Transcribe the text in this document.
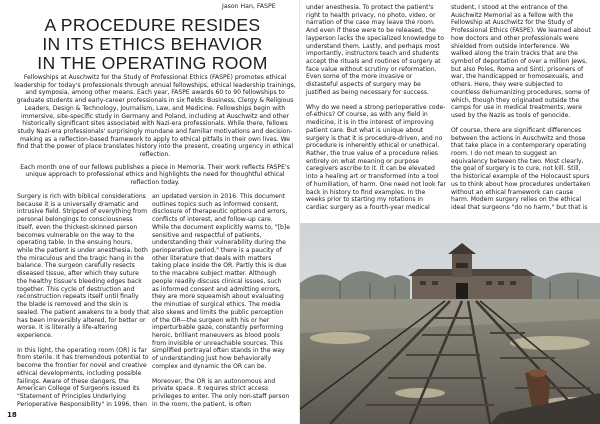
Jason Han, FASPE
A PROCEDURE RESIDES
IN ITS ETHICS BEHAVIOR
IN THE OPERATING ROOM

Fellowships at Auschwitz for the Study of Professional Ethics (FASPE) promotes ethical leadership for today's professionals through annual fellowships, ethical leadership trainings, and symposia, among other means. Each year, FASPE awards 60 to 90 fellowships to graduate students and early-career professionals in six fields: Business, Clergy & Religious Leaders, Design & Technology, Journalism, Law, and Medicine. Fellowships begin with immersive, site-specific study in Germany and Poland, including at Auschwitz and other historically significant sites associated with Nazi-era professionals. While there, fellows study Nazi-era professionals' surprisingly mundane and familiar motivations and decision-making as a reflection-based framework to apply to ethical pitfalls in their own lives. We find that the power of place translates history into the present, creating urgency in ethical reflection.

Each month one of our fellows publishes a piece in Memoria. Their work reflects FASPE's unique approach to professional ethics and highlights the need for thoughtful ethical reflection today.

Surgery is rich with biblical considerations because it is a universally dramatic and intrusive field. Stripped of everything from personal belongings to consciousness itself, even the thickest-skinned person becomes vulnerable on the way to the operating table. In the ensuing hours, while the patient is under anesthesia, both the miraculous and the tragic hang in the balance. The surgeon carefully resects diseased tissue, after which they suture the healthy tissue's bleeding edges back together. This cycle of destruction and reconstruction repeats itself until finally the blade is removed and the skin is sealed. The patient awakens to a body that has been irreversibly altered, for better or worse. It is literally a life-altering experience.

In this light, the operating room (OR) is far from sterile. It has tremendous potential to become the frontier for novel and creative ethical developments, including possible failings. Aware of these dangers, the American College of Surgeons issued its "Statement of Principles Underlying Perioperative Responsibility" in 1996, then

an updated version in 2016. This document outlines topics such as informed consent, disclosure of therapeutic options and errors, conflicts of interest, and follow-up care. While the document explicitly warns to, "[b]e sensitive and respectful of patients, understanding their vulnerability during the perioperative period," there is a paucity of other literature that deals with matters taking place inside the OR. Partly this is due to the macabre subject matter. Although people readily discuss clinical issues, such as informed consent and admitting errors, they are more squeamish about evaluating the minutiae of surgical ethics. The media also skews and limits the public perception of the OR—the surgeon with his or her imperturbable gaze, constantly performing heroic, brilliant maneuvers as blood pools from invisible or unreachable sources. This simplified portrayal often stands in the way of understanding just how behaviorally complex and dynamic the OR can be.

Moreover, the OR is an autonomous and private space. It requires strict access privileges to enter. The only non-staff person in the room, the patient, is often

under anesthesia. To protect the patient's right to health privacy, no photo, video, or narration of the case may leave the room. And even if these were to be released, the layperson lacks the specialized knowledge to understand them. Lastly, and perhaps most importantly, instructors teach and students accept the rituals and routines of surgery at face value without scrutiny or reformation. Even some of the more invasive or distasteful aspects of surgery may be justified as being necessary for success.

Why do we need a strong perioperative code-of-ethics? Of course, as with any field in medicine, it is in the interest of improving patient care. But what is unique about surgery is that it is procedure-driven, and no procedure is inherently ethical or unethical. Rather, the true value of a procedure relies entirely on what meaning or purpose caregivers ascribe to it. It can be elevated into a healing art or transformed into a tool of humiliation, of harm. One need not look far back in history to find examples. In the weeks prior to starting my rotations in cardiac surgery as a fourth-year medical

student, I stood at the entrance of the Auschwitz Memorial as a fellow with the Fellowship at Auschwitz for the Study of Professional Ethics (FASPE). We learned about how doctors and other professionals were shielded from outside interference. We walked along the train tracks that are the symbol of deportation of over a million Jews, but also Poles, Roma and Sinti, prisoners of war, the handicapped or homosexuals, and others. Here, they were subjected to countless dehumanizing procedures, some of which, though they originated outside the camps for use in medical treatments, were used by the Nazis as tools of genocide.

Of course, there are significant differences between the actions in Auschwitz and those that take place in a contemporary operating room. I do not mean to suggest an equivalency between the two. Most clearly, the goal of surgery is to cure, not kill. Still, the historical example of the Holocaust spurs us to think about how procedures undertaken without an ethical framework can cause harm. Modern surgery relies on the ethical ideal that surgeons "do no harm," but that is

18
